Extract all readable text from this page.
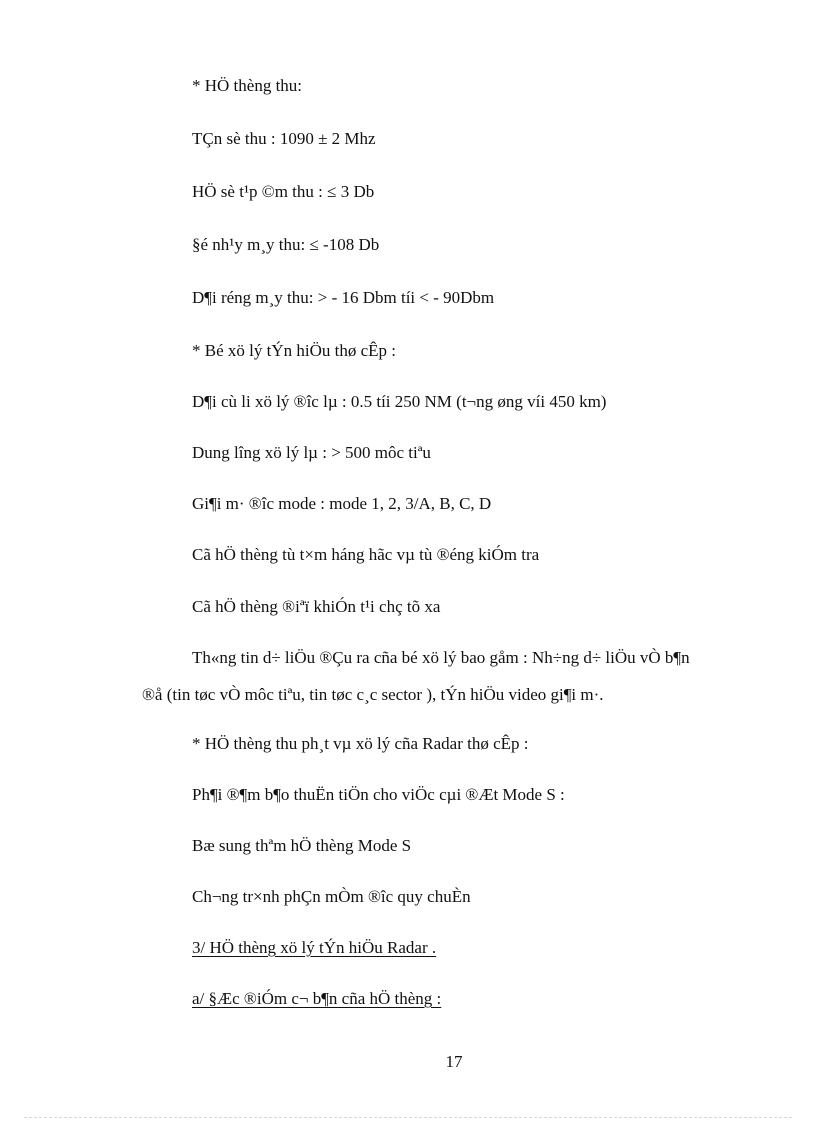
* HÖ thèng thu:
TÇn sè thu : 1090 ± 2 Mhz
HÖ sè t¹p ©m thu : ≤ 3 Db
§é nh¹y m¸y thu: ≤ -108 Db
D¶i réng m¸y thu: > - 16 Dbm tíi < - 90Dbm
* Bé xö lý tÝn hiÖu thø cÊp :
D¶i cù li xö lý ®îc lµ : 0.5 tíi 250 NM (t¬ng øng víi 450 km)
Dung lîng xö lý lµ : > 500 môc tiªu
Gi¶i m· ®îc mode : mode 1, 2, 3/A, B, C, D
Cã hÖ thèng tù t×m háng hãc vµ tù ®éng kiÓm tra
Cã hÖ thèng ®iªï khiÓn t¹i chç tõ xa
Th«ng tin d÷ liÖu ®Çu ra cña bé xö lý bao gåm : Nh÷ng d÷ liÖu vÒ b¶n
®å (tin tøc vÒ môc tiªu, tin tøc c¸c sector ), tÝn hiÖu video gi¶i m·.
* HÖ thèng thu ph¸t vµ xö lý cña Radar thø cÊp :
Ph¶i ®¶m b¶o thuËn tiÖn cho viÖc cµi ®Æt Mode S :
Bæ sung thªm hÖ thèng Mode S
Ch¬ng tr×nh phÇn mÒm ®îc quy chuÈn
3/ HÖ thèng xö lý tÝn hiÖu Radar .
a/ §Æc ®iÓm c¬ b¶n cña hÖ thèng :
17
